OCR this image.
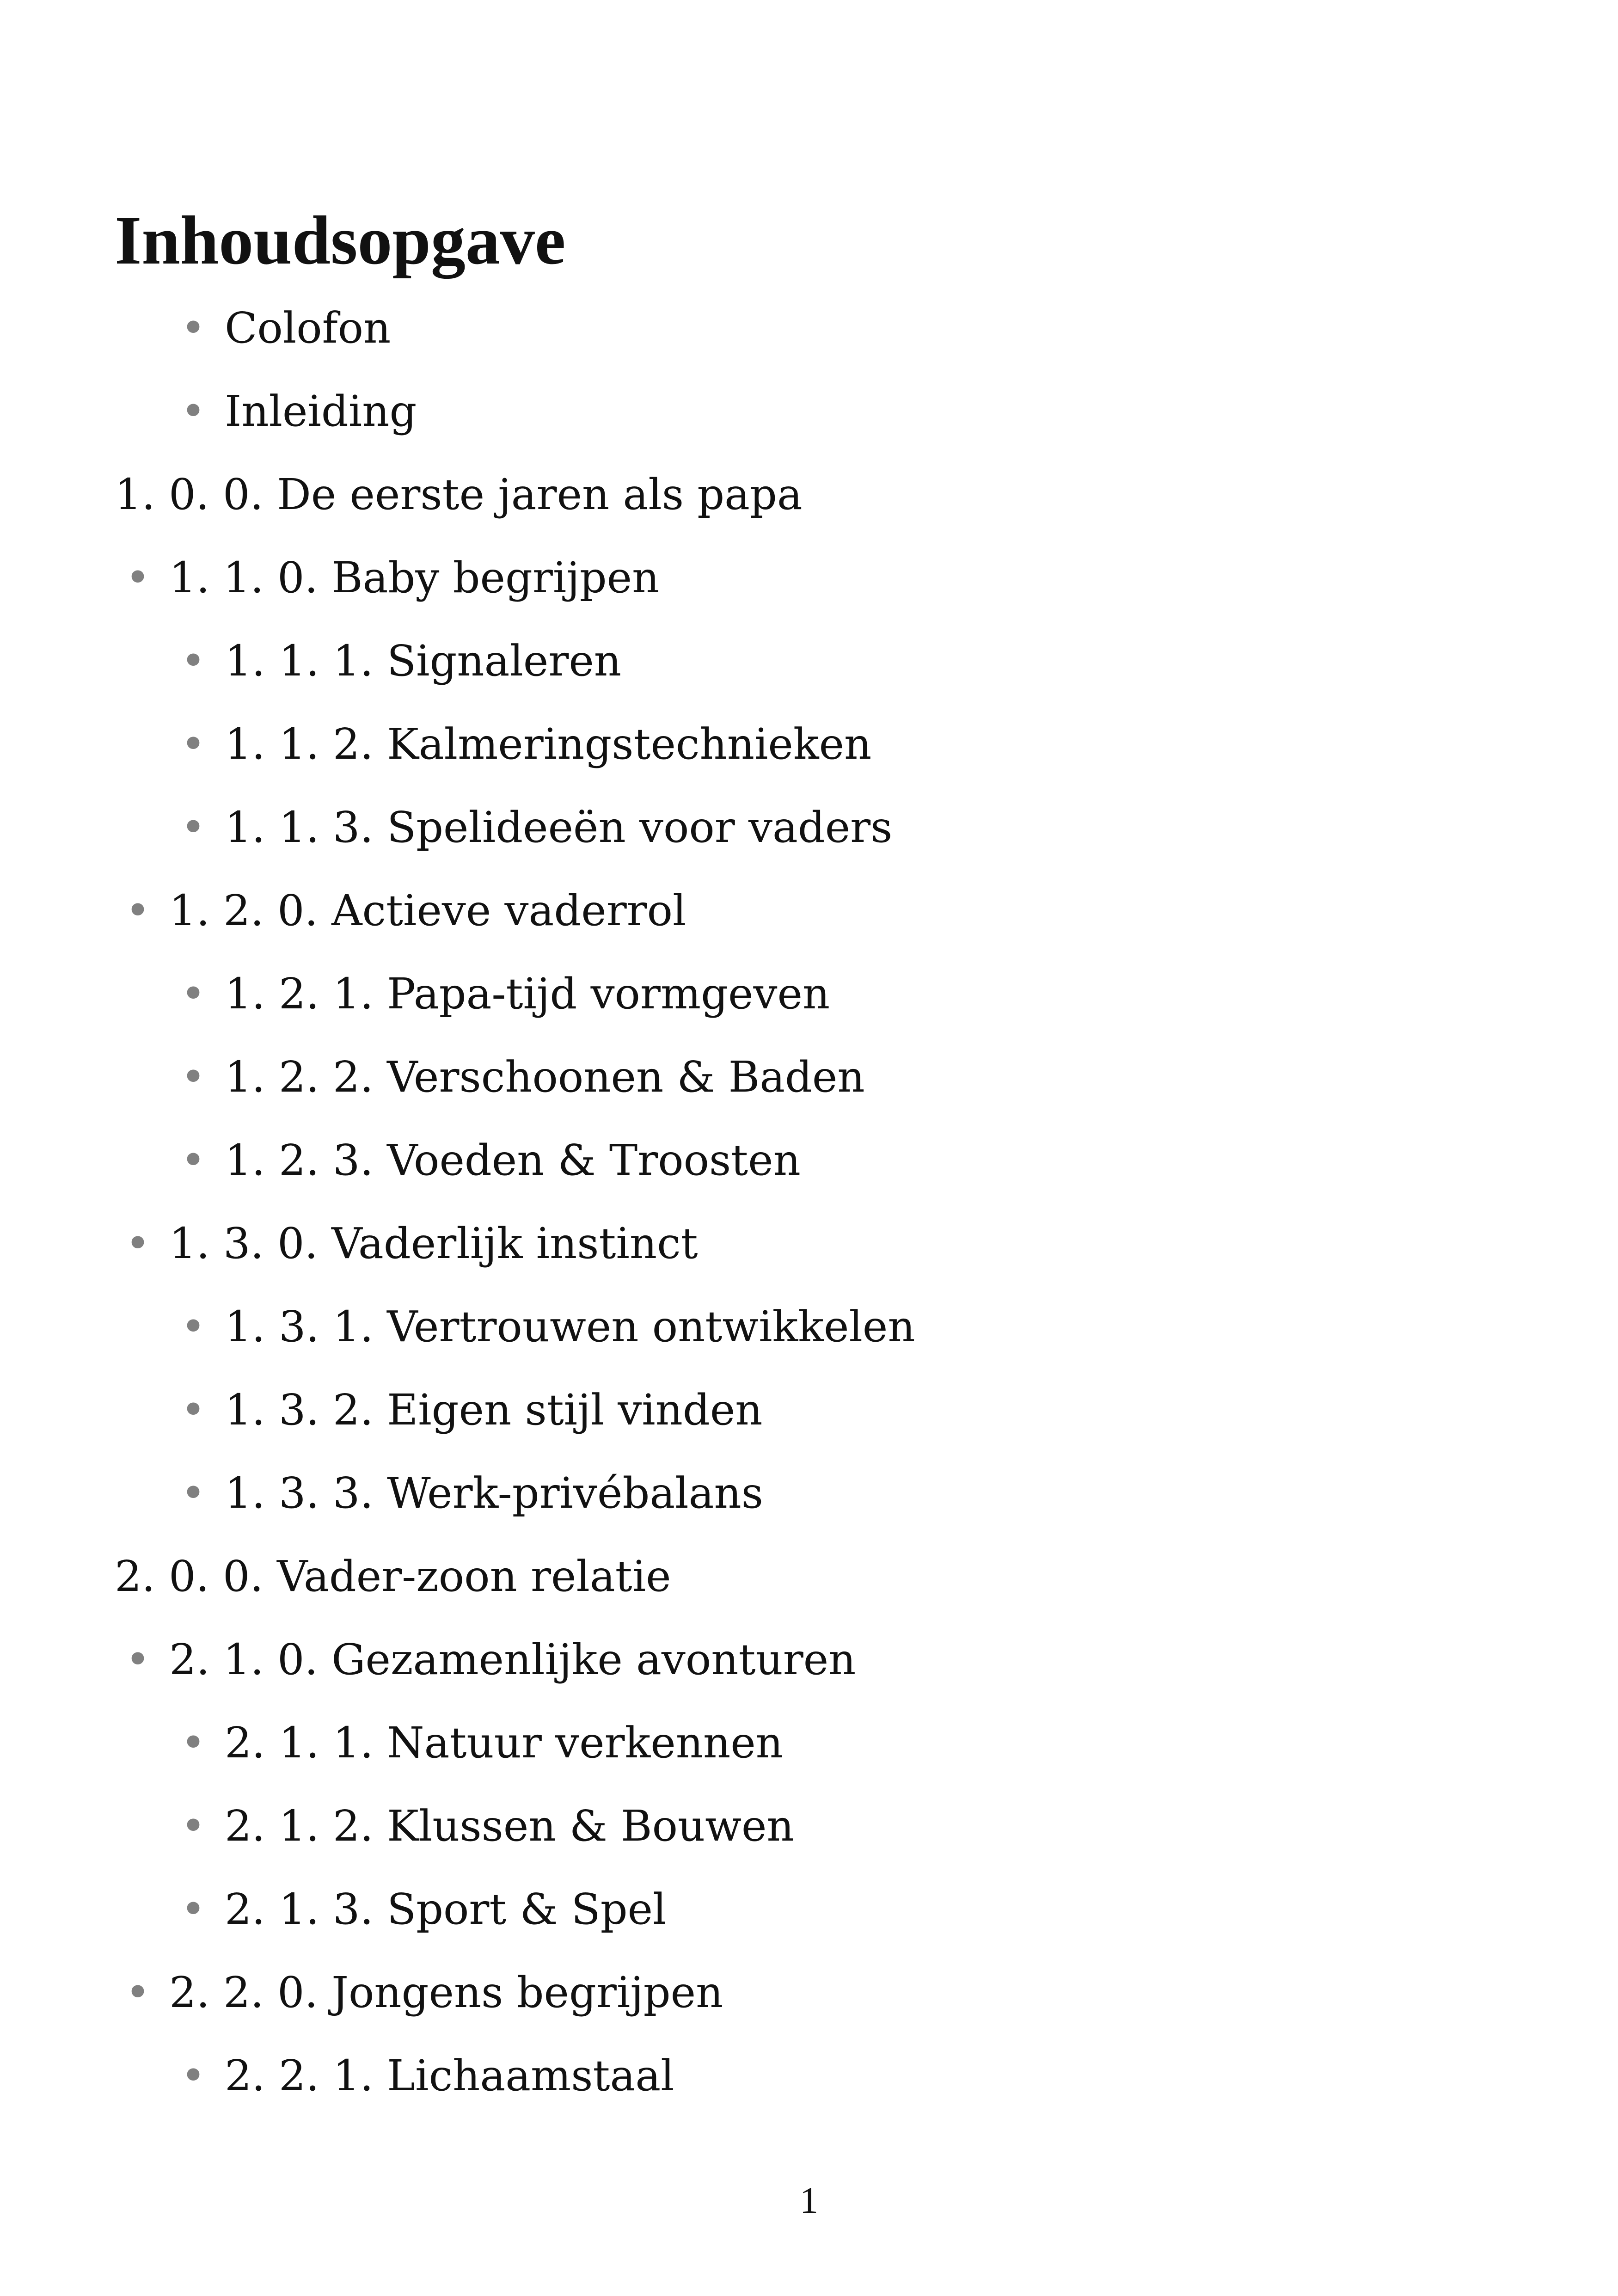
Inhoudsopgave
• Colofon
• Inleiding
1. 0. 0. De eerste jaren als papa
• 1. 1. 0. Baby begrijpen
• 1. 1. 1. Signaleren
• 1. 1. 2. Kalmeringstechnieken
• 1. 1. 3. Spelideeën voor vaders
• 1. 2. 0. Actieve vaderrol
• 1. 2. 1. Papa-tijd vormgeven
• 1. 2. 2. Verschoonen & Baden
• 1. 2. 3. Voeden & Troosten
• 1. 3. 0. Vaderlijk instinct
• 1. 3. 1. Vertrouwen ontwikkelen
• 1. 3. 2. Eigen stijl vinden
• 1. 3. 3. Werk-privébalans
2. 0. 0. Vader-zoon relatie
• 2. 1. 0. Gezamenlijke avonturen
• 2. 1. 1. Natuur verkennen
• 2. 1. 2. Klussen & Bouwen
• 2. 1. 3. Sport & Spel
• 2. 2. 0. Jongens begrijpen
• 2. 2. 1. Lichaamstaal
1
